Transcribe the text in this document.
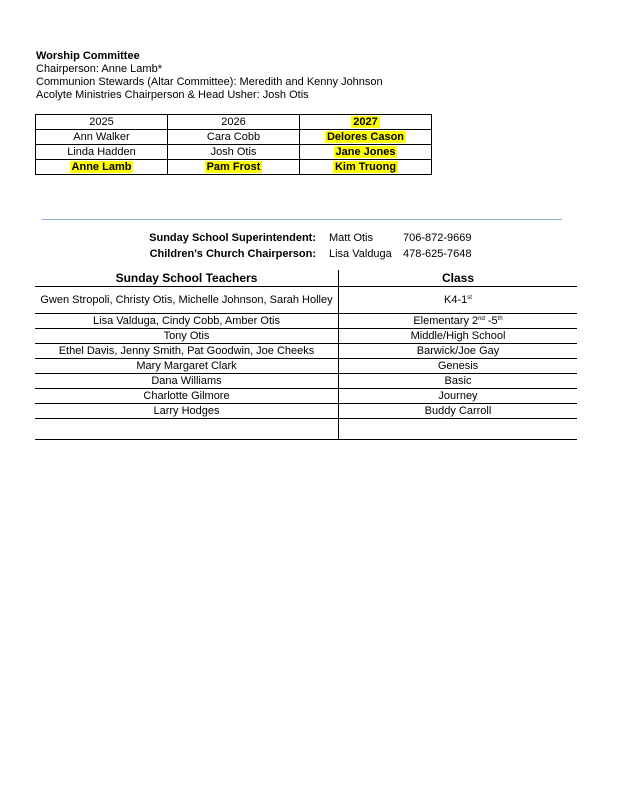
Worship Committee
Chairperson: Anne Lamb*
Communion Stewards (Altar Committee): Meredith and Kenny Johnson
Acolyte Ministries Chairperson & Head Usher: Josh Otis
2025	2026	2027
Ann Walker	Cara Cobb	Delores Cason
Linda Hadden	Josh Otis	Jane Jones
Anne Lamb	Pam Frost	Kim Truong
Sunday School Superintendent: Matt Otis	706-872-9669
Children's Church Chairperson: Lisa Valduga 478-625-7648
Sunday School Teachers	Class
Gwen Stropoli, Christy Otis, Michelle Johnson, Sarah Holley	K4-1st
Lisa Valduga, Cindy Cobb, Amber Otis	Elementary 2nd -5th
Tony Otis	Middle/High School
Ethel Davis, Jenny Smith, Pat Goodwin, Joe Cheeks	Barwick/Joe Gay
Mary Margaret Clark	Genesis
Dana Williams	Basic
Charlotte Gilmore	Journey
Larry Hodges	Buddy Carroll
